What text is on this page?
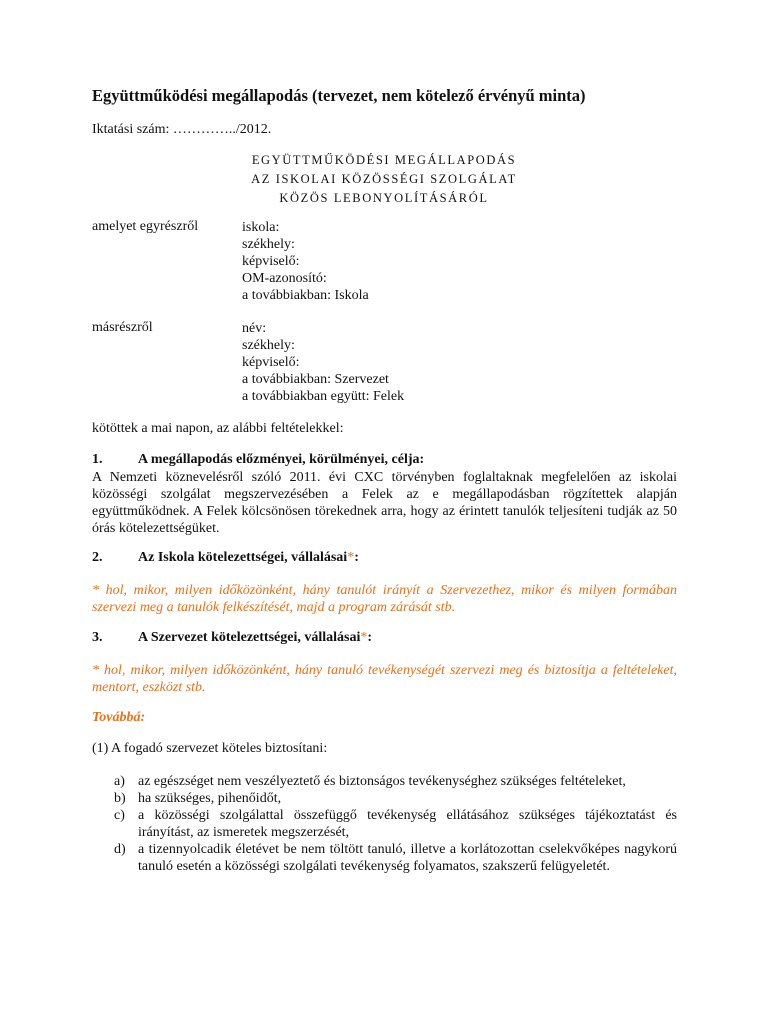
Együttműködési megállapodás (tervezet, nem kötelező érvényű minta)
Iktatási szám: …………../2012.
EGYÜTTMŰKÖDÉSI MEGÁLLAPODÁS
AZ ISKOLAI KÖZÖSSÉGI SZOLGÁLAT
KÖZÖS LEBONYOLÍTÁSÁRÓL
amelyet egyrészről	iskola:
székhely:
képviselő:
OM-azonosító:
a továbbiakban: Iskola
másrészről	név:
székhely:
képviselő:
a továbbiakban: Szervezet
a továbbiakban együtt: Felek
kötöttek a mai napon, az alábbi feltételekkel:
1.	A megállapodás előzményei, körülményei, célja:
A Nemzeti köznevelésről szóló 2011. évi CXC törvényben foglaltaknak megfelelően az iskolai közösségi szolgálat megszervezésében a Felek az e megállapodásban rögzítettek alapján együttműködnek. A Felek kölcsönösen törekednek arra, hogy az érintett tanulók teljesíteni tudják az 50 órás kötelezettségüket.
2.	Az Iskola kötelezettségei, vállalásai*:
* hol, mikor, milyen időközönként, hány tanulót irányít a Szervezethez, mikor és milyen formában szervezi meg a tanulók felkészítését, majd a program zárását stb.
3.	A Szervezet kötelezettségei, vállalásai*:
* hol, mikor, milyen időközönként, hány tanuló tevékenységét szervezi meg és biztosítja a feltételeket, mentort, eszközt stb.
Továbbá:
(1) A fogadó szervezet köteles biztosítani:
a) az egészséget nem veszélyeztető és biztonságos tevékenységhez szükséges feltételeket,
b) ha szükséges, pihenőidőt,
c) a közösségi szolgálattal összefüggő tevékenység ellátásához szükséges tájékoztatást és irányítást, az ismeretek megszerzését,
d) a tizennyolcadik életévet be nem töltött tanuló, illetve a korlátozottan cselekvőképes nagykorú tanuló esetén a közösségi szolgálati tevékenység folyamatos, szakszerű felügyeletét.
